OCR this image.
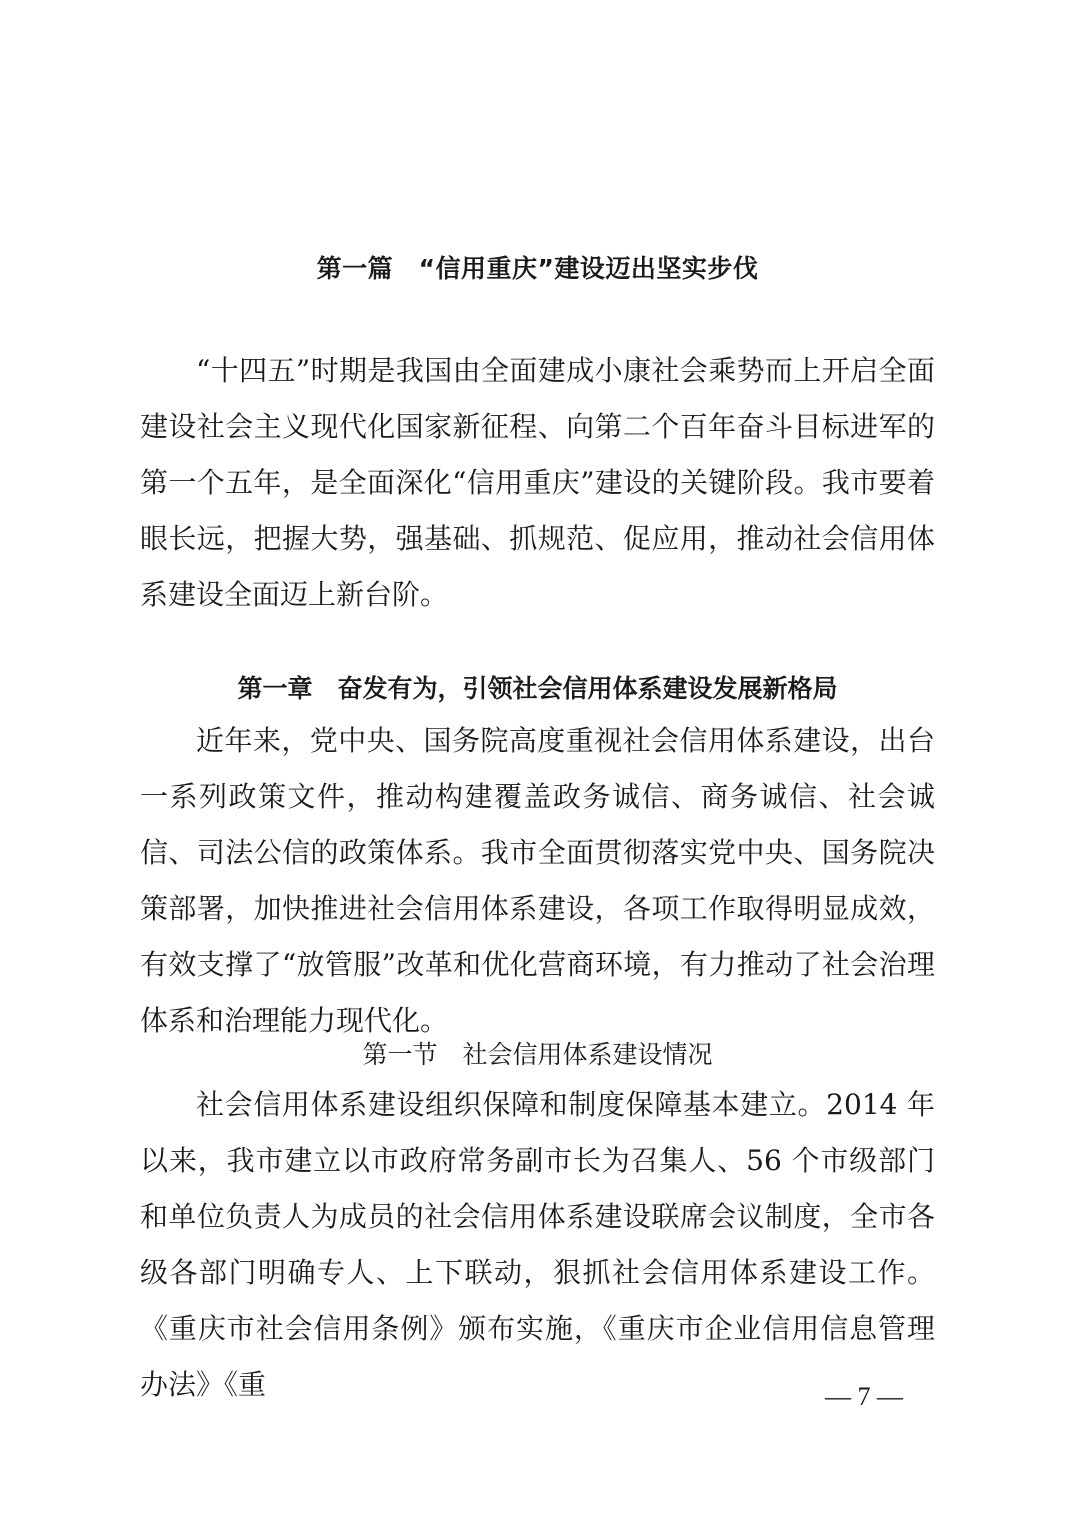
第一篇　“信用重庆”建设迈出坚实步伐

“十四五”时期是我国由全面建成小康社会乘势而上开启全面建设社会主义现代化国家新征程、向第二个百年奋斗目标进军的第一个五年，是全面深化“信用重庆”建设的关键阶段。我市要着眼长远，把握大势，强基础、抓规范、促应用，推动社会信用体系建设全面迈上新台阶。

第一章　奋发有为，引领社会信用体系建设发展新格局

近年来，党中央、国务院高度重视社会信用体系建设，出台一系列政策文件，推动构建覆盖政务诚信、商务诚信、社会诚信、司法公信的政策体系。我市全面贯彻落实党中央、国务院决策部署，加快推进社会信用体系建设，各项工作取得明显成效，有效支撑了“放管服”改革和优化营商环境，有力推动了社会治理体系和治理能力现代化。

第一节　社会信用体系建设情况

社会信用体系建设组织保障和制度保障基本建立。2014 年以来，我市建立以市政府常务副市长为召集人、56 个市级部门和单位负责人为成员的社会信用体系建设联席会议制度，全市各级各部门明确专人、上下联动，狠抓社会信用体系建设工作。《重庆市社会信用条例》颁布实施，《重庆市企业信用信息管理办法》《重	— 7 —
